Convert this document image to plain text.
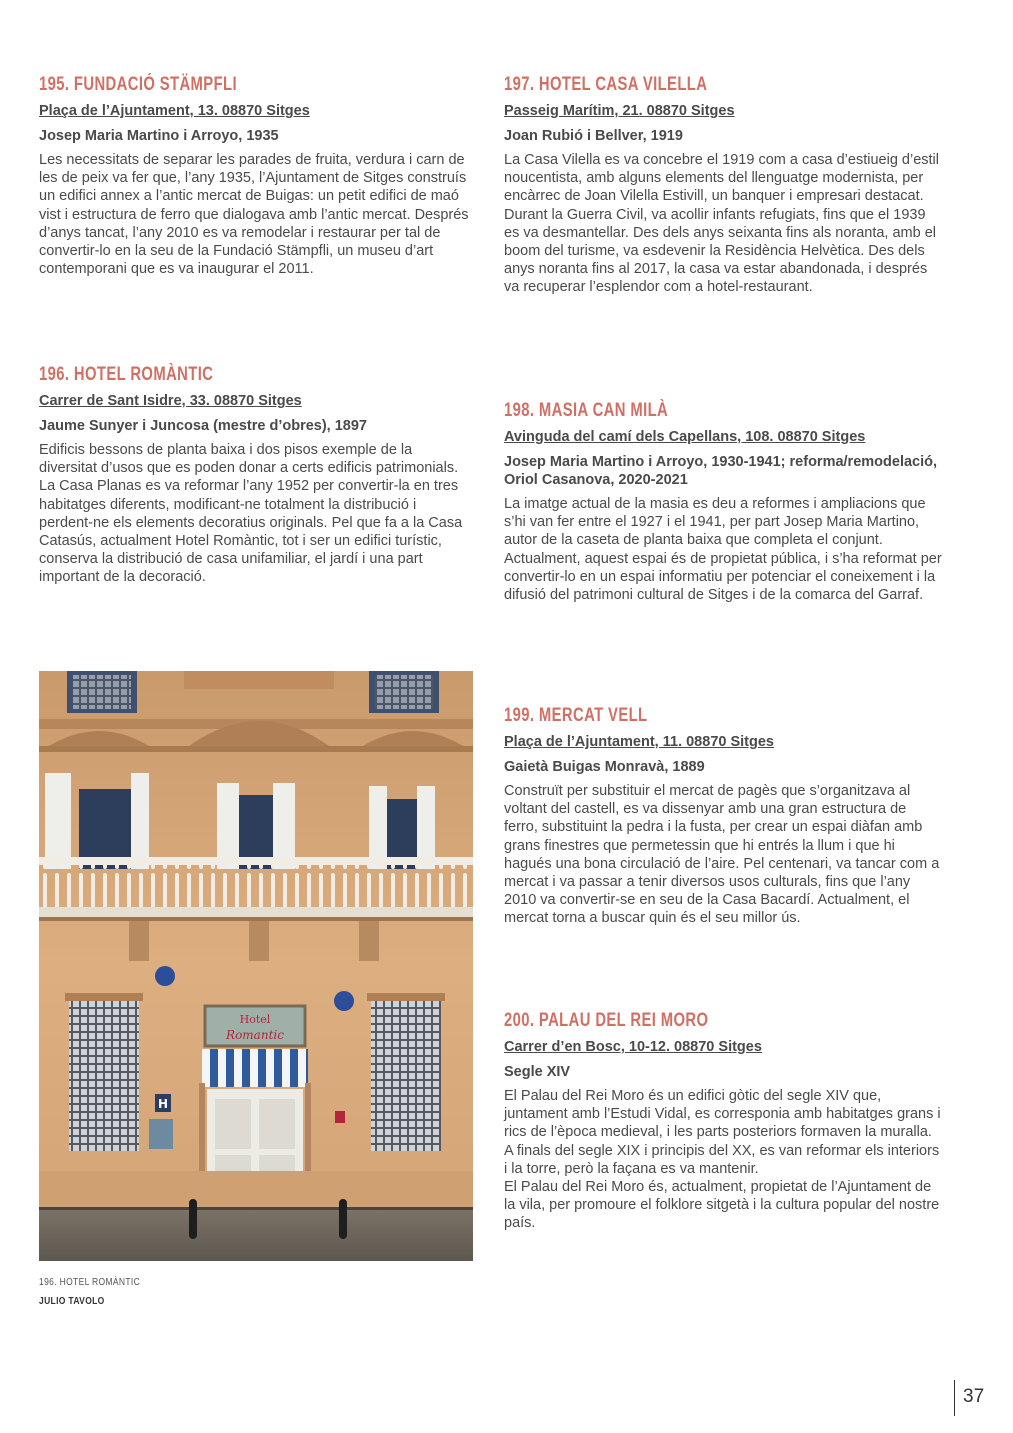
195. FUNDACIÓ STÄMPFLI
Plaça de l’Ajuntament, 13. 08870 Sitges
Josep Maria Martino i Arroyo, 1935

Les necessitats de separar les parades de fruita, verdura i carn de les de peix va fer que, l’any 1935, l’Ajuntament de Sitges construís un edifici annex a l’antic mercat de Buigas: un petit edifici de maó vist i estructura de ferro que dialogava amb l’antic mercat. Després d’anys tancat, l’any 2010 es va remodelar i restaurar per tal de convertir-lo en la seu de la Fundació Stämpfli, un museu d’art contemporani que es va inaugurar el 2011.

197. HOTEL CASA VILELLA
Passeig Marítim, 21. 08870 Sitges
Joan Rubió i Bellver, 1919

La Casa Vilella es va concebre el 1919 com a casa d’estiueig d’estil noucentista, amb alguns elements del llenguatge modernista, per encàrrec de Joan Vilella Estivill, un banquer i empresari destacat. Durant la Guerra Civil, va acollir infants refugiats, fins que el 1939 es va desmantellar. Des dels anys seixanta fins als noranta, amb el boom del turisme, va esdevenir la Residència Helvètica. Des dels anys noranta fins al 2017, la casa va estar abandonada, i després va recuperar l’esplendor com a hotel-restaurant.

196. HOTEL ROMÀNTIC
Carrer de Sant Isidre, 33. 08870 Sitges
Jaume Sunyer i Juncosa (mestre d’obres), 1897

Edificis bessons de planta baixa i dos pisos exemple de la diversitat d’usos que es poden donar a certs edificis patrimonials. La Casa Planas es va reformar l’any 1952 per convertir-la en tres habitatges diferents, modificant-ne totalment la distribució i perdent-ne els elements decoratius originals. Pel que fa a la Casa Catasús, actualment Hotel Romàntic, tot i ser un edifici turístic, conserva la distribució de casa unifamiliar, el jardí i una part important de la decoració.

198. MASIA CAN MILÀ
Avinguda del camí dels Capellans, 108. 08870 Sitges
Josep Maria Martino i Arroyo, 1930-1941; reforma/remodelació, Oriol Casanova, 2020-2021

La imatge actual de la masia es deu a reformes i ampliacions que s’hi van fer entre el 1927 i el 1941, per part Josep Maria Martino, autor de la caseta de planta baixa que completa el conjunt. Actualment, aquest espai és de propietat pública, i s’ha reformat per convertir-lo en un espai informatiu per potenciar el coneixement i la difusió del patrimoni cultural de Sitges i de la comarca del Garraf.

199. MERCAT VELL
Plaça de l’Ajuntament, 11. 08870 Sitges
Gaietà Buigas Monravà, 1889

Construït per substituir el mercat de pagès que s’organitzava al voltant del castell, es va dissenyar amb una gran estructura de ferro, substituint la pedra i la fusta, per crear un espai diàfan amb grans finestres que permetessin que hi entrés la llum i que hi hagués una bona circulació de l’aire. Pel centenari, va tancar com a mercat i va passar a tenir diversos usos culturals, fins que l’any 2010 va convertir-se en seu de la Casa Bacardí. Actualment, el mercat torna a buscar quin és el seu millor ús.

200. PALAU DEL REI MORO
Carrer d’en Bosc, 10-12. 08870 Sitges
Segle XIV

El Palau del Rei Moro és un edifici gòtic del segle XIV que, juntament amb l’Estudi Vidal, es corresponia amb habitatges grans i rics de l’època medieval, i les parts posteriors formaven la muralla. A finals del segle XIX i principis del XX, es van reformar els interiors i la torre, però la façana es va mantenir.
El Palau del Rei Moro és, actualment, propietat de l’Ajuntament de la vila, per promoure el folklore sitgetà i la cultura popular del nostre país.

Hotel
Romantic
H
196. HOTEL ROMÀNTIC
JULIO TAVOLO
37
